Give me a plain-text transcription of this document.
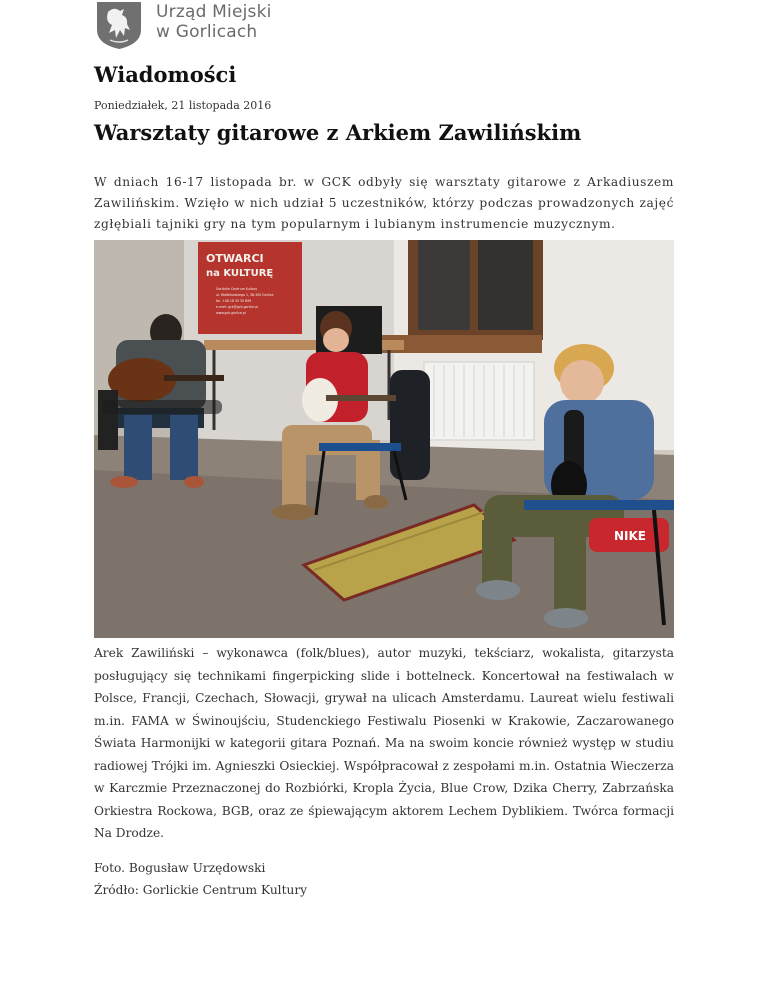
Urząd Miejski
w Gorlicach
Wiadomości
Poniedziałek, 21 listopada 2016
Warsztaty gitarowe z Arkiem Zawilińskim

W dniach 16-17 listopada br. w GCK odbyły się warsztaty gitarowe z Arkadiuszem Zawilińskim. Wzięło w nich udział 5 uczestników, którzy podczas prowadzonych zajęć zgłębiali tajniki gry na tym popularnym i lubianym instrumencie muzycznym.

OTWARCI
na KULTURĘ
Gorlickie Centrum Kultury
ul. Wróblewskiego 1, 38-300 Gorlice
tel. +48 18 35 35 899
e-mail: gck@gck.gorlice.pl
www.gck.gorlice.pl
NIKE

Arek Zawiliński – wykonawca (folk/blues), autor muzyki, tekściarz, wokalista, gitarzysta posługujący się technikami fingerpicking slide i bottelneck. Koncertował na festiwalach w Polsce, Francji, Czechach, Słowacji, grywał na ulicach Amsterdamu. Laureat wielu festiwali m.in. FAMA w Świnoujściu, Studenckiego Festiwalu Piosenki w Krakowie, Zaczarowanego Świata Harmonijki w kategorii gitara Poznań. Ma na swoim koncie również występ w studiu radiowej Trójki im. Agnieszki Osieckiej. Współpracował z zespołami m.in. Ostatnia Wieczerza w Karczmie Przeznaczonej do Rozbiórki, Kropla Życia, Blue Crow, Dzika Cherry, Zabrzańska Orkiestra Rockowa, BGB, oraz ze śpiewającym aktorem Lechem Dyblikiem. Twórca formacji Na Drodze.

Foto. Bogusław Urzędowski
Źródło: Gorlickie Centrum Kultury
